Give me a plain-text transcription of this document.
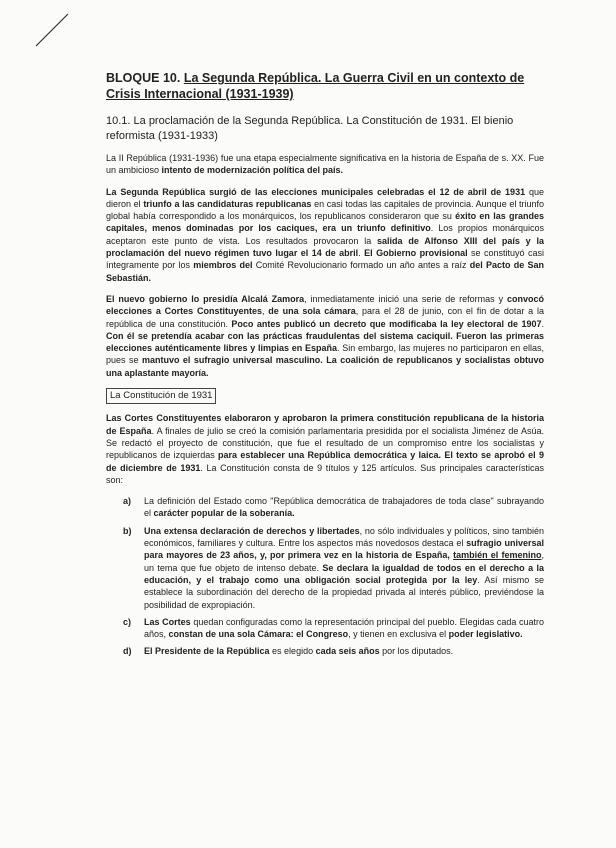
BLOQUE 10. La Segunda República. La Guerra Civil en un contexto de Crisis Internacional (1931-1939)
10.1. La proclamación de la Segunda República. La Constitución de 1931. El bienio reformista (1931-1933)

La II República (1931-1936) fue una etapa especialmente significativa en la historia de España de s. XX. Fue un ambicioso intento de modernización política del país.

La Segunda República surgió de las elecciones municipales celebradas el 12 de abril de 1931 que dieron el triunfo a las candidaturas republicanas en casi todas las capitales de provincia. Aunque el triunfo global había correspondido a los monárquicos, los republicanos consideraron que su éxito en las grandes capitales, menos dominadas por los caciques, era un triunfo definitivo. Los propios monárquicos aceptaron este punto de vista. Los resultados provocaron la salida de Alfonso XIII del país y la proclamación del nuevo régimen tuvo lugar el 14 de abril. El Gobierno provisional se constituyó casi íntegramente por los miembros del Comité Revolucionario formado un año antes a raíz del Pacto de San Sebastián.

El nuevo gobierno lo presidía Alcalá Zamora, inmediatamente inició una serie de reformas y convocó elecciones a Cortes Constituyentes, de una sola cámara, para el 28 de junio, con el fin de dotar a la república de una constitución. Poco antes publicó un decreto que modificaba la ley electoral de 1907. Con él se pretendía acabar con las prácticas fraudulentas del sistema caciquil. Fueron las primeras elecciones auténticamente libres y limpias en España. Sin embargo, las mujeres no participaron en ellas, pues se mantuvo el sufragio universal masculino. La coalición de republicanos y socialistas obtuvo una aplastante mayoría.

La Constitución de 1931

Las Cortes Constituyentes elaboraron y aprobaron la primera constitución republicana de la historia de España. A finales de julio se creó la comisión parlamentaria presidida por el socialista Jiménez de Asúa. Se redactó el proyecto de constitución, que fue el resultado de un compromiso entre los socialistas y republicanos de izquierdas para establecer una República democrática y laica. El texto se aprobó el 9 de diciembre de 1931. La Constitución consta de 9 títulos y 125 artículos. Sus principales características son:

a) La definición del Estado como "República democrática de trabajadores de toda clase" subrayando el carácter popular de la soberanía.
b) Una extensa declaración de derechos y libertades, no sólo individuales y políticos, sino también económicos, familiares y cultura. Entre los aspectos más novedosos destaca el sufragio universal para mayores de 23 años, y, por primera vez en la historia de España, también el femenino, un tema que fue objeto de intenso debate. Se declara la igualdad de todos en el derecho a la educación, y el trabajo como una obligación social protegida por la ley. Así mismo se establece la subordinación del derecho de la propiedad privada al interés público, previéndose la posibilidad de expropiación.
c) Las Cortes quedan configuradas como la representación principal del pueblo. Elegidas cada cuatro años, constan de una sola Cámara: el Congreso, y tienen en exclusiva el poder legislativo.
d) El Presidente de la República es elegido cada seis años por los diputados.
